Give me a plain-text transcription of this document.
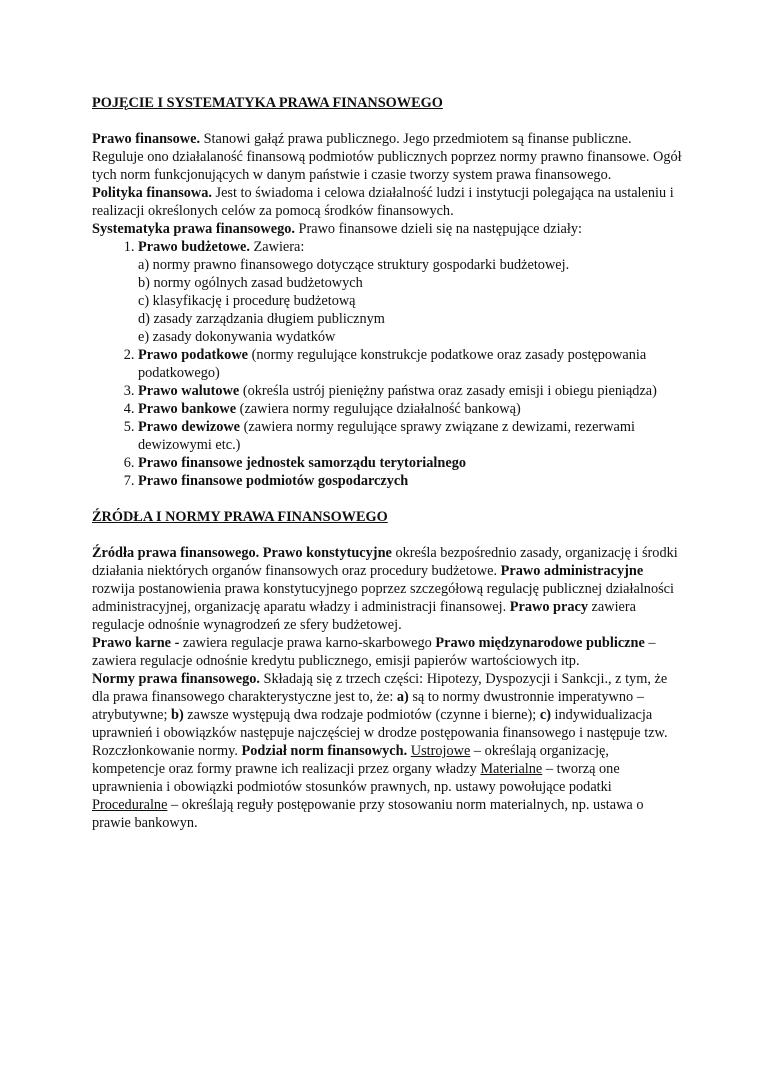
POJĘCIE I SYSTEMATYKA PRAWA FINANSOWEGO

Prawo finansowe. Stanowi gałąź prawa publicznego. Jego przedmiotem są finanse publiczne. Reguluje ono działalaność finansową podmiotów publicznych poprzez normy prawno finansowe. Ogół tych norm funkcjonujących w danym państwie i czasie tworzy system prawa finansowego.

Polityka finansowa. Jest to świadoma i celowa działalność ludzi i instytucji polegająca na ustaleniu i realizacji określonych celów za pomocą środków finansowych.

Systematyka prawa finansowego. Prawo finansowe dzieli się na następujące działy:

1. Prawo budżetowe. Zawiera:
a) normy prawno finansowego dotyczące struktury gospodarki budżetowej.
b) normy ogólnych zasad budżetowych
c) klasyfikację i procedurę budżetową
d) zasady zarządzania długiem publicznym
e) zasady dokonywania wydatków
2. Prawo podatkowe (normy regulujące konstrukcje podatkowe oraz zasady postępowania podatkowego)
3. Prawo walutowe (określa ustrój pieniężny państwa oraz zasady emisji i obiegu pieniądza)
4. Prawo bankowe (zawiera normy regulujące działalność bankową)
5. Prawo dewizowe (zawiera normy regulujące sprawy związane z dewizami, rezerwami dewizowymi etc.)
6. Prawo finansowe jednostek samorządu terytorialnego
7. Prawo finansowe podmiotów gospodarczych
ŹRÓDŁA I NORMY PRAWA FINANSOWEGO

Źródła prawa finansowego. Prawo konstytucyjne określa bezpośrednio zasady, organizację i środki działania niektórych organów finansowych oraz procedury budżetowe. Prawo administracyjne rozwija postanowienia prawa konstytucyjnego poprzez szczegółową regulację publicznej działalności administracyjnej, organizację aparatu władzy i administracji finansowej. Prawo pracy zawiera regulacje odnośnie wynagrodzeń ze sfery budżetowej.

Prawo karne - zawiera regulacje prawa karno-skarbowego Prawo międzynarodowe publiczne – zawiera regulacje odnośnie kredytu publicznego, emisji papierów wartościowych itp.

Normy prawa finansowego. Składają się z trzech części: Hipotezy, Dyspozycji i Sankcji., z tym, że dla prawa finansowego charakterystyczne jest to, że: a) są to normy dwustronnie imperatywno – atrybutywne; b) zawsze występują dwa rodzaje podmiotów (czynne i bierne); c) indywidualizacja uprawnień i obowiązków następuje najczęściej w drodze postępowania finansowego i następuje tzw. Rozczłonkowanie normy. Podział norm finansowych. Ustrojowe – określają organizację, kompetencje oraz formy prawne ich realizacji przez organy władzy Materialne – tworzą one uprawnienia i obowiązki podmiotów stosunków prawnych, np. ustawy powołujące podatki Proceduralne – określają reguły postępowanie przy stosowaniu norm materialnych, np. ustawa o prawie bankowyn.
